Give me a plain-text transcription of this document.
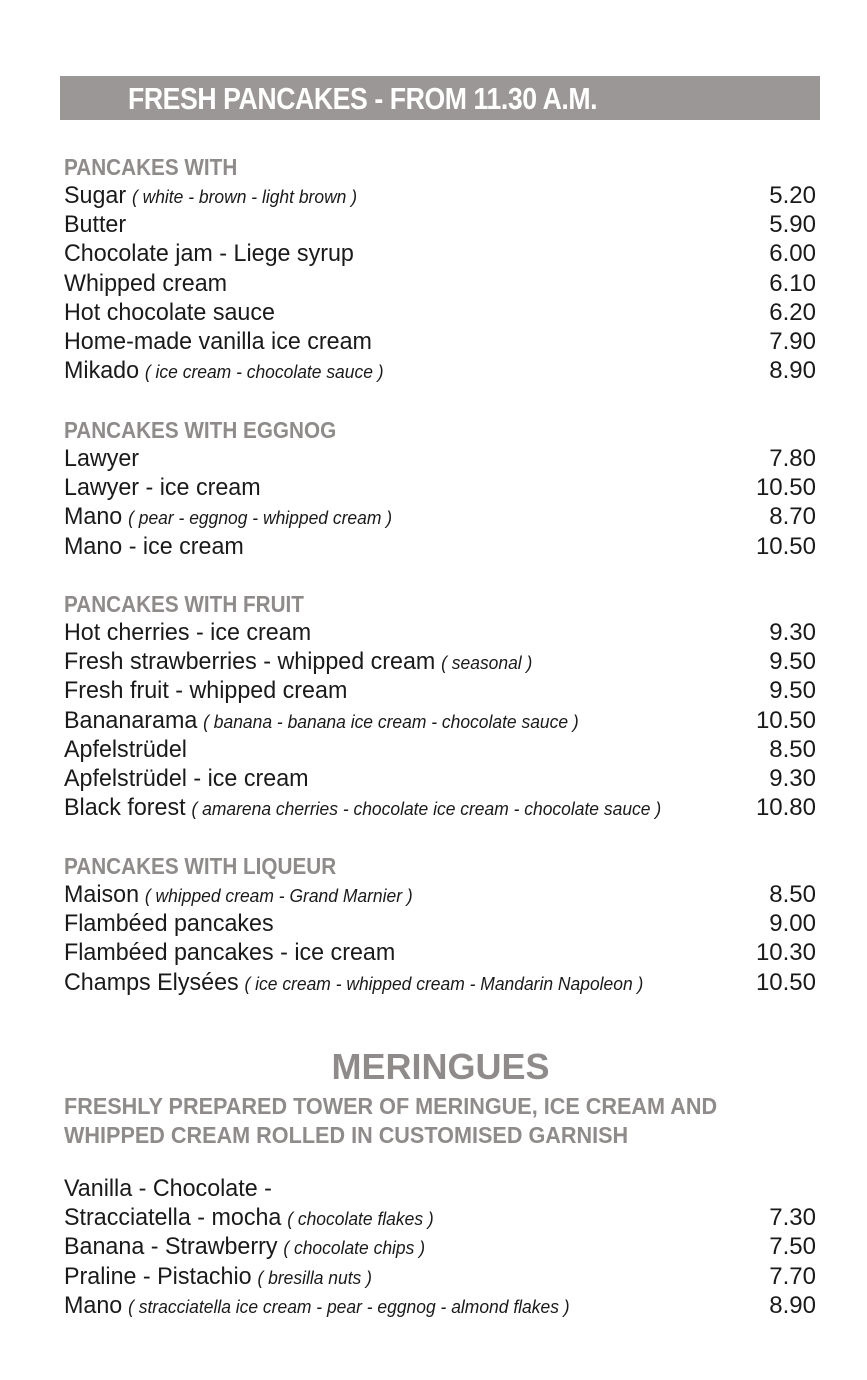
FRESH PANCAKES - FROM 11.30 A.M.
PANCAKES WITH
Sugar ( white - brown - light brown )	5.20
Butter	5.90
Chocolate jam - Liege syrup	6.00
Whipped cream	6.10
Hot chocolate sauce	6.20
Home-made vanilla ice cream	7.90
Mikado ( ice cream - chocolate sauce )	8.90
PANCAKES WITH EGGNOG
Lawyer	7.80
Lawyer - ice cream	10.50
Mano ( pear - eggnog - whipped cream )	8.70
Mano - ice cream	10.50
PANCAKES WITH FRUIT
Hot cherries - ice cream	9.30
Fresh strawberries - whipped cream ( seasonal )	9.50
Fresh fruit - whipped cream	9.50
Bananarama ( banana - banana ice cream - chocolate sauce )	10.50
Apfelstrüdel	8.50
Apfelstrüdel - ice cream	9.30
Black forest ( amarena cherries - chocolate ice cream - chocolate sauce )	10.80
PANCAKES WITH LIQUEUR
Maison ( whipped cream - Grand Marnier )	8.50
Flambéed pancakes	9.00
Flambéed pancakes - ice cream	10.30
Champs Elysées ( ice cream - whipped cream - Mandarin Napoleon )	10.50
MERINGUES
FRESHLY PREPARED TOWER OF MERINGUE, ICE CREAM AND
WHIPPED CREAM ROLLED IN CUSTOMISED GARNISH
Vanilla - Chocolate -
Stracciatella - mocha ( chocolate flakes )	7.30
Banana - Strawberry ( chocolate chips )	7.50
Praline - Pistachio ( bresilla nuts )	7.70
Mano ( stracciatella ice cream - pear - eggnog - almond flakes )	8.90
